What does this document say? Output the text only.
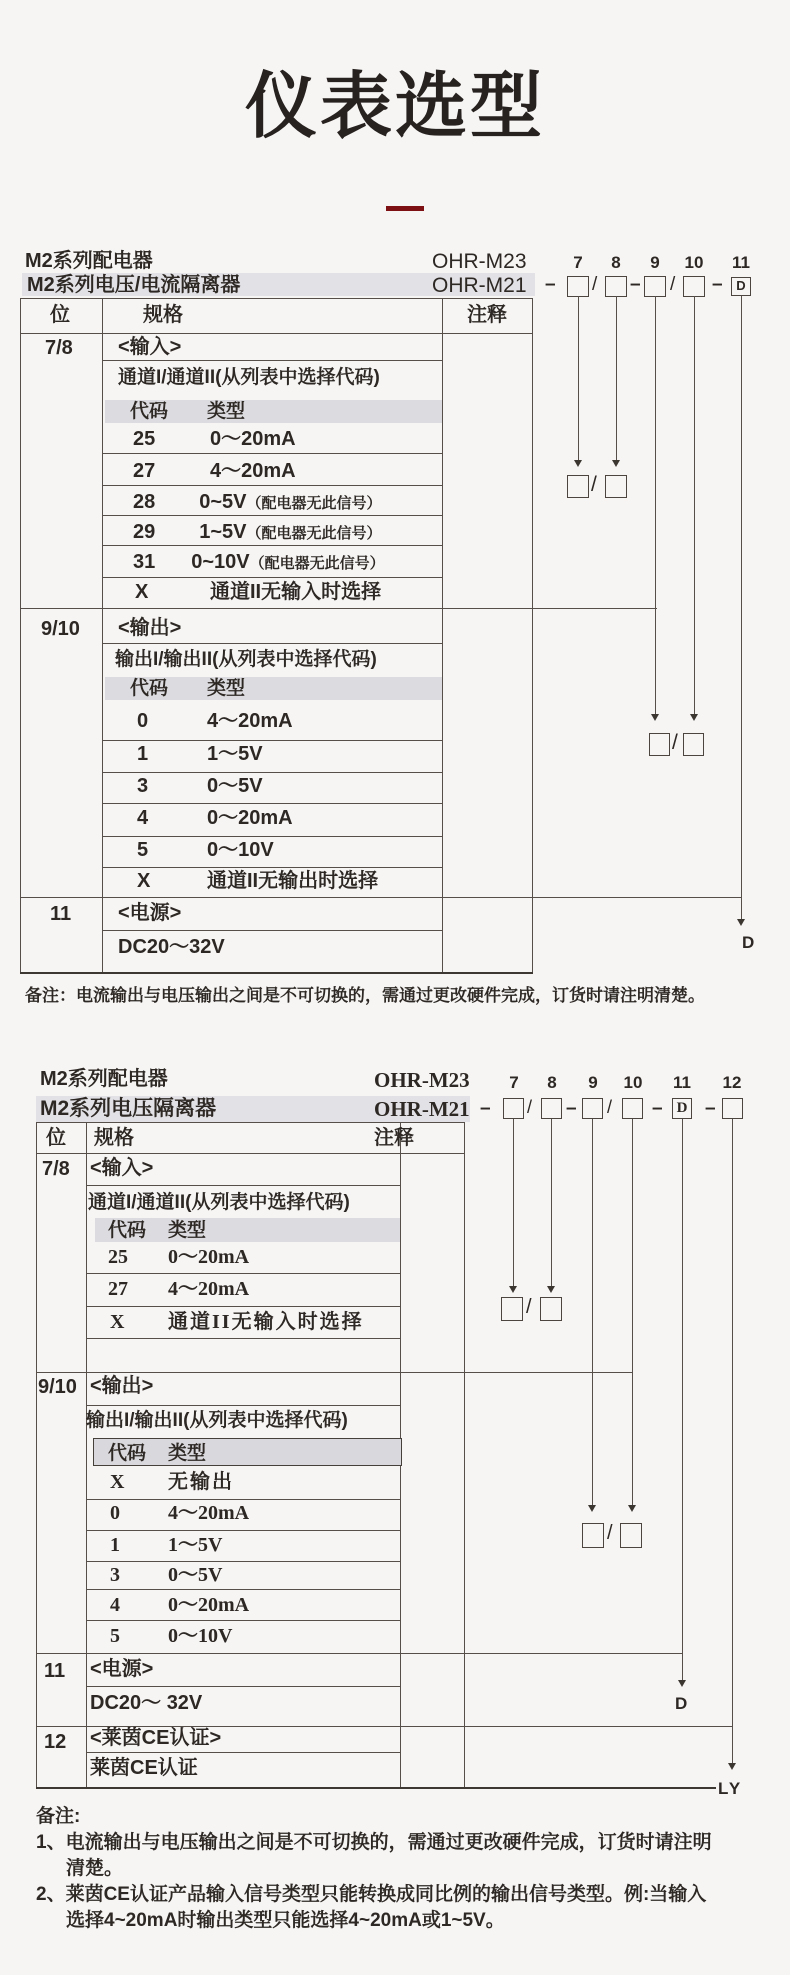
仪表选型
M2系列配电器	OHR-M23
M2系列电压/电流隔离器	OHR-M21
7 8 9 10 11
– / – / –	D
位	规格	注释
7/8 <输入>
通道I/通道II(从列表中选择代码)
代码 类型
25	0～20mA
27	4～20mA
28 0~5V（配电器无此信号）
29 1~5V（配电器无此信号）
31 0~10V（配电器无此信号）
X	通道II无输入时选择
9/10 <输出>
输出I/输出II(从列表中选择代码)
代码 类型
0	4～20mA
1	1～5V
3	0～5V
4	0～20mA
5	0～10V
X	通道II无输出时选择
11 <电源>
DC20～32V
/
/
D
备注：电流输出与电压输出之间是不可切换的，需通过更改硬件完成，订货时请注明清楚。
M2系列配电器	OHR-M23
M2系列电压隔离器	OHR-M21
7 8 9 10 11 12
– / – / – D –
位 规格	注释
7/8 <输入>
通道I/通道II(从列表中选择代码)
代码 类型
25 0～20mA
27 4～20mA
X 通道II无输入时选择
9/10 <输出>
输出I/输出II(从列表中选择代码)
代码 类型
X 无输出
0 4～20mA
1 1～5V
3 0～5V
4 0～20mA
5 0～10V
11 <电源>
DC20～ 32V
12 <莱茵CE认证>
莱茵CE认证
/
/
D
LY
备注:
1、电流输出与电压输出之间是不可切换的，需通过更改硬件完成，订货时请注明
清楚。
2、莱茵CE认证产品输入信号类型只能转换成同比例的输出信号类型。例:当输入
选择4~20mA时输出类型只能选择4~20mA或1~5V。
